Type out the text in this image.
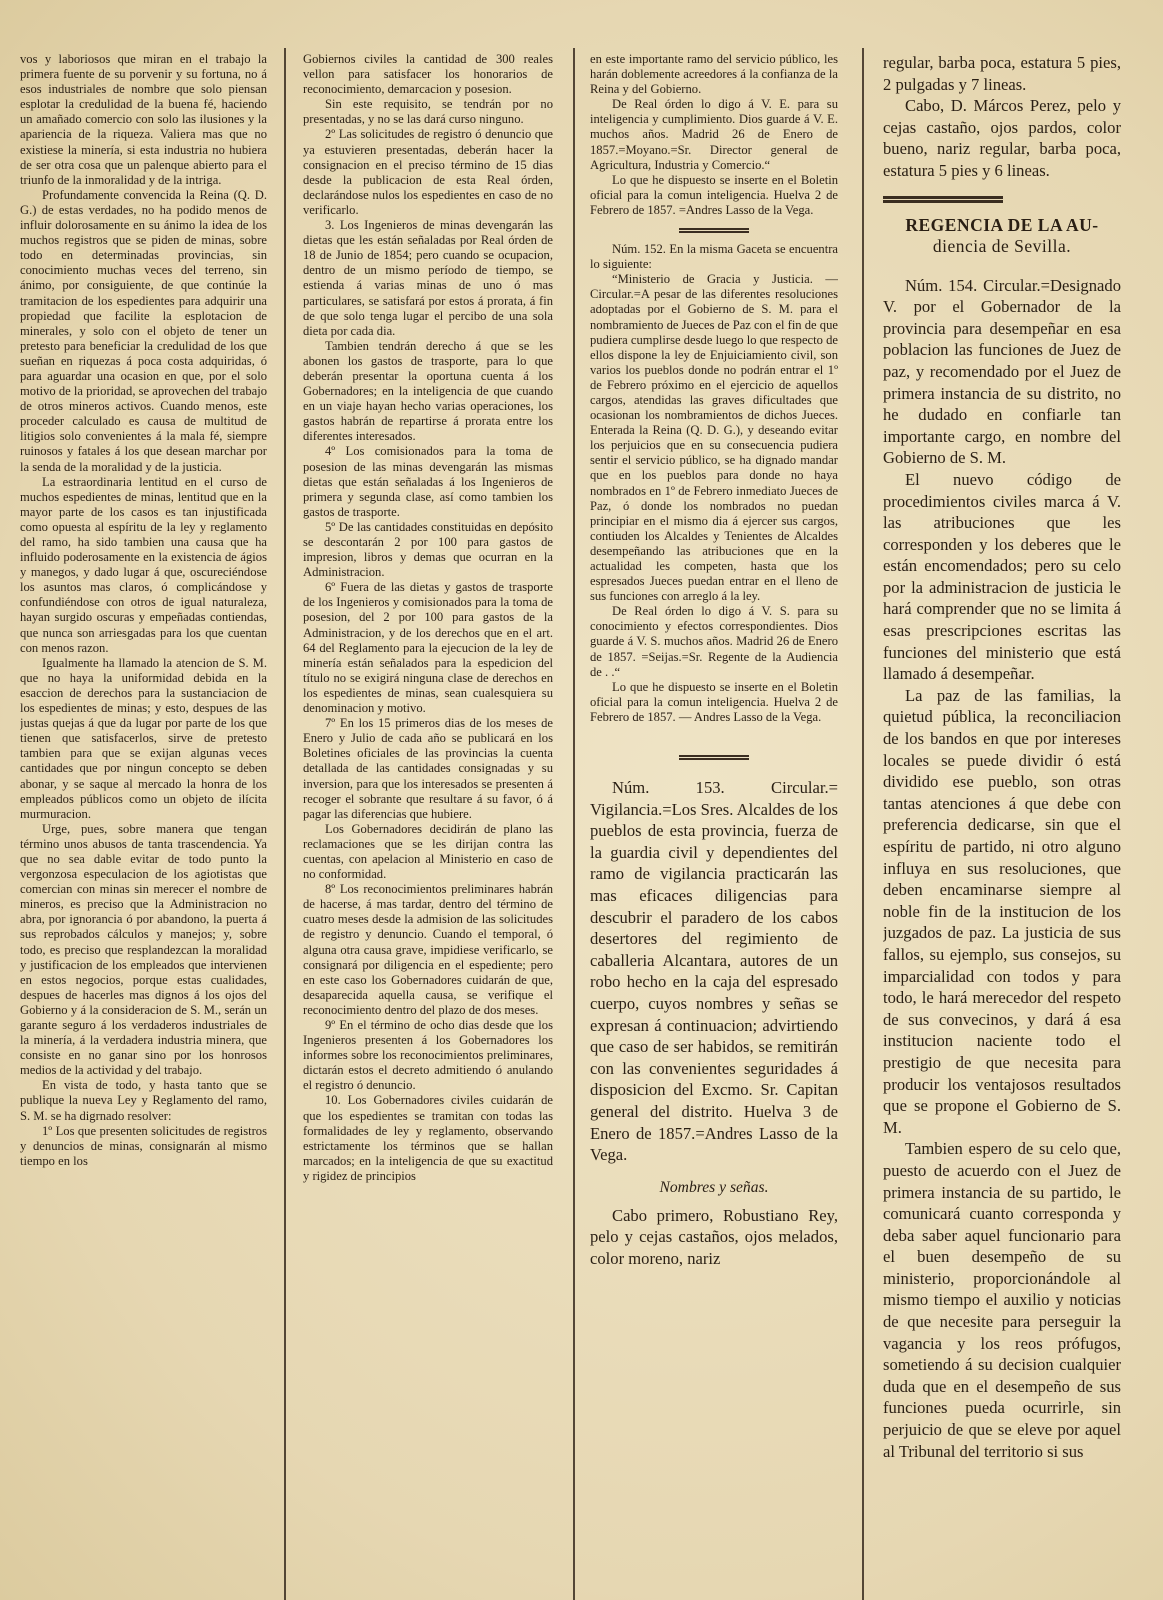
vos y laboriosos que miran en el trabajo la primera fuente de su porvenir y su fortuna, no á esos industriales de nombre que solo piensan esplotar la credulidad de la buena fé, haciendo un amañado comercio con solo las ilusiones y la apariencia de la riqueza. Valiera mas que no existiese la minería, si esta industria no hubiera de ser otra cosa que un palenque abierto para el triunfo de la inmoralidad y de la intriga.

Profundamente convencida la Reina (Q. D. G.) de estas verdades, no ha podido menos de influir dolorosamente en su ánimo la idea de los muchos registros que se piden de minas, sobre todo en determinadas provincias, sin conocimiento muchas veces del terreno, sin ánimo, por consiguiente, de que continúe la tramitacion de los espedientes para adquirir una propiedad que facilite la esplotacion de minerales, y solo con el objeto de tener un pretesto para beneficiar la credulidad de los que sueñan en riquezas á poca costa adquiridas, ó para aguardar una ocasion en que, por el solo motivo de la prioridad, se aprovechen del trabajo de otros mineros activos. Cuando menos, este proceder calculado es causa de multitud de litigios solo convenientes á la mala fé, siempre ruinosos y fatales á los que desean marchar por la senda de la moralidad y de la justicia.

La estraordinaria lentitud en el curso de muchos espedientes de minas, lentitud que en la mayor parte de los casos es tan injustificada como opuesta al espíritu de la ley y reglamento del ramo, ha sido tambien una causa que ha influido poderosamente en la existencia de ágios y manegos, y dado lugar á que, oscureciéndose los asuntos mas claros, ó complicándose y confundiéndose con otros de igual naturaleza, hayan surgido oscuras y empeñadas contiendas, que nunca son arriesgadas para los que cuentan con menos razon.

Igualmente ha llamado la atencion de S. M. que no haya la uniformidad debida en la esaccion de derechos para la sustanciacion de los espedientes de minas; y esto, despues de las justas quejas á que da lugar por parte de los que tienen que satisfacerlos, sirve de pretesto tambien para que se exijan algunas veces cantidades que por ningun concepto se deben abonar, y se saque al mercado la honra de los empleados públicos como un objeto de ilícita murmuracion.

Urge, pues, sobre manera que tengan término unos abusos de tanta trascendencia. Ya que no sea dable evitar de todo punto la vergonzosa especulacion de los agiotistas que comercian con minas sin merecer el nombre de mineros, es preciso que la Administracion no abra, por ignorancia ó por abandono, la puerta á sus reprobados cálculos y manejos; y, sobre todo, es preciso que resplandezcan la moralidad y justificacion de los empleados que intervienen en estos negocios, porque estas cualidades, despues de hacerles mas dignos á los ojos del Gobierno y á la consideracion de S. M., serán un garante seguro á los verdaderos industriales de la minería, á la verdadera industria minera, que consiste en no ganar sino por los honrosos medios de la actividad y del trabajo.

En vista de todo, y hasta tanto que se publique la nueva Ley y Reglamento del ramo, S. M. se ha digrnado resolver:

1º Los que presenten solicitudes de registros y denuncios de minas, consignarán al mismo tiempo en los

Gobiernos civiles la cantidad de 300 reales vellon para satisfacer los honorarios de reconocimiento, demarcacion y posesion.

Sin este requisito, se tendrán por no presentadas, y no se las dará curso ninguno.

2º Las solicitudes de registro ó denuncio que ya estuvieren presentadas, deberán hacer la consignacion en el preciso término de 15 dias desde la publicacion de esta Real órden, declarándose nulos los espedientes en caso de no verificarlo.

3. Los Ingenieros de minas devengarán las dietas que les están señaladas por Real órden de 18 de Junio de 1854; pero cuando se ocupacion, dentro de un mismo período de tiempo, se estienda á varias minas de uno ó mas particulares, se satisfará por estos á prorata, á fin de que solo tenga lugar el percibo de una sola dieta por cada dia.

Tambien tendrán derecho á que se les abonen los gastos de trasporte, para lo que deberán presentar la oportuna cuenta á los Gobernadores; en la inteligencia de que cuando en un viaje hayan hecho varias operaciones, los gastos habrán de repartirse á prorata entre los diferentes interesados.

4º Los comisionados para la toma de posesion de las minas devengarán las mismas dietas que están señaladas á los Ingenieros de primera y segunda clase, así como tambien los gastos de trasporte.

5º De las cantidades constituidas en depósito se descontarán 2 por 100 para gastos de impresion, libros y demas que ocurran en la Administracion.

6º Fuera de las dietas y gastos de trasporte de los Ingenieros y comisionados para la toma de posesion, del 2 por 100 para gastos de la Administracion, y de los derechos que en el art. 64 del Reglamento para la ejecucion de la ley de minería están señalados para la espedicion del título no se exigirá ninguna clase de derechos en los espedientes de minas, sean cualesquiera su denominacion y motivo.

7º En los 15 primeros dias de los meses de Enero y Julio de cada año se publicará en los Boletines oficiales de las provincias la cuenta detallada de las cantidades consignadas y su inversion, para que los interesados se presenten á recoger el sobrante que resultare á su favor, ó á pagar las diferencias que hubiere.

Los Gobernadores decidirán de plano las reclamaciones que se les dirijan contra las cuentas, con apelacion al Ministerio en caso de no conformidad.

8º Los reconocimientos preliminares habrán de hacerse, á mas tardar, dentro del término de cuatro meses desde la admision de las solicitudes de registro y denuncio. Cuando el temporal, ó alguna otra causa grave, impidiese verificarlo, se consignará por diligencia en el espediente; pero en este caso los Gobernadores cuidarán de que, desaparecida aquella causa, se verifique el reconocimiento dentro del plazo de dos meses.

9º En el término de ocho dias desde que los Ingenieros presenten á los Gobernadores los informes sobre los reconocimientos preliminares, dictarán estos el decreto admitiendo ó anulando el registro ó denuncio.

10. Los Gobernadores civiles cuidarán de que los espedientes se tramitan con todas las formalidades de ley y reglamento, observando estrictamente los términos que se hallan marcados; en la inteligencia de que su exactitud y rigidez de principios

en este importante ramo del servicio público, les harán doblemente acreedores á la confianza de la Reina y del Gobierno.

De Real órden lo digo á V. E. para su inteligencia y cumplimiento. Dios guarde á V. E. muchos años. Madrid 26 de Enero de 1857.=Moyano.=Sr. Director general de Agricultura, Industria y Comercio.“

Lo que he dispuesto se inserte en el Boletin oficial para la comun inteligencia. Huelva 2 de Febrero de 1857. =Andres Lasso de la Vega.

Núm. 152. En la misma Gaceta se encuentra lo siguiente:

“Ministerio de Gracia y Justicia. —Circular.=A pesar de las diferentes resoluciones adoptadas por el Gobierno de S. M. para el nombramiento de Jueces de Paz con el fin de que pudiera cumplirse desde luego lo que respecto de ellos dispone la ley de Enjuiciamiento civil, son varios los pueblos donde no podrán entrar el 1º de Febrero próximo en el ejercicio de aquellos cargos, atendidas las graves dificultades que ocasionan los nombramientos de dichos Jueces. Enterada la Reina (Q. D. G.), y deseando evitar los perjuicios que en su consecuencia pudiera sentir el servicio público, se ha dignado mandar que en los pueblos para donde no haya nombrados en 1º de Febrero inmediato Jueces de Paz, ó donde los nombrados no puedan principiar en el mismo dia á ejercer sus cargos, contiuden los Alcaldes y Tenientes de Alcaldes desempeñando las atribuciones que en la actualidad les competen, hasta que los espresados Jueces puedan entrar en el lleno de sus funciones con arreglo á la ley.

De Real órden lo digo á V. S. para su conocimiento y efectos correspondientes. Dios guarde á V. S. muchos años. Madrid 26 de Enero de 1857. =Seijas.=Sr. Regente de la Audiencia de . .“

Lo que he dispuesto se inserte en el Boletin oficial para la comun inteligencia. Huelva 2 de Febrero de 1857. — Andres Lasso de la Vega.

Núm. 153. Circular.= Vigilancia.=Los Sres. Alcaldes de los pueblos de esta provincia, fuerza de la guardia civil y dependientes del ramo de vigilancia practicarán las mas eficaces diligencias para descubrir el paradero de los cabos desertores del regimiento de caballeria Alcantara, autores de un robo hecho en la caja del espresado cuerpo, cuyos nombres y señas se expresan á continuacion; advirtiendo que caso de ser habidos, se remitirán con las convenientes seguridades á disposicion del Excmo. Sr. Capitan general del distrito. Huelva 3 de Enero de 1857.=Andres Lasso de la Vega.

Nombres y señas.

Cabo primero, Robustiano Rey, pelo y cejas castaños, ojos melados, color moreno, nariz

regular, barba poca, estatura 5 pies, 2 pulgadas y 7 lineas.

Cabo, D. Márcos Perez, pelo y cejas castaño, ojos pardos, color bueno, nariz regular, barba poca, estatura 5 pies y 6 lineas.

REGENCIA DE LA AU-
diencia de Sevilla.

Núm. 154. Circular.=Designado V. por el Gobernador de la provincia para desempeñar en esa poblacion las funciones de Juez de paz, y recomendado por el Juez de primera instancia de su distrito, no he dudado en confiarle tan importante cargo, en nombre del Gobierno de S. M.

El nuevo código de procedimientos civiles marca á V. las atribuciones que les corresponden y los deberes que le están encomendados; pero su celo por la administracion de justicia le hará comprender que no se limita á esas prescripciones escritas las funciones del ministerio que está llamado á desempeñar.

La paz de las familias, la quietud pública, la reconciliacion de los bandos en que por intereses locales se puede dividir ó está dividido ese pueblo, son otras tantas atenciones á que debe con preferencia dedicarse, sin que el espíritu de partido, ni otro alguno influya en sus resoluciones, que deben encaminarse siempre al noble fin de la institucion de los juzgados de paz. La justicia de sus fallos, su ejemplo, sus consejos, su imparcialidad con todos y para todo, le hará merecedor del respeto de sus convecinos, y dará á esa institucion naciente todo el prestigio de que necesita para producir los ventajosos resultados que se propone el Gobierno de S. M.

Tambien espero de su celo que, puesto de acuerdo con el Juez de primera instancia de su partido, le comunicará cuanto corresponda y deba saber aquel funcionario para el buen desempeño de su ministerio, proporcionándole al mismo tiempo el auxilio y noticias de que necesite para perseguir la vagancia y los reos prófugos, sometiendo á su decision cualquier duda que en el desempeño de sus funciones pueda ocurrirle, sin perjuicio de que se eleve por aquel al Tribunal del territorio si sus
